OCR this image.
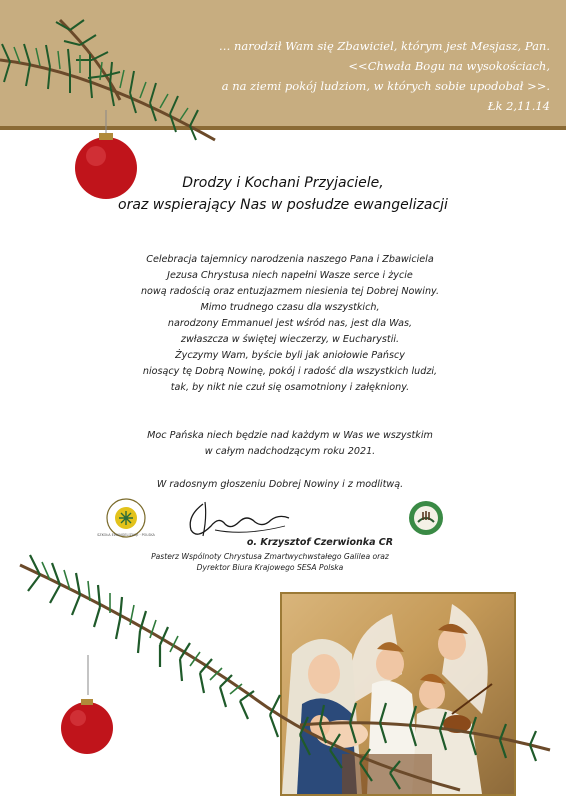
… narodził Wam się Zbawiciel, którym jest Mesjasz, Pan.
<<Chwała Bogu na wysokościach,
a na ziemi pokój ludziom, w których sobie upodobał >>.
Łk 2,11.14
Drodzy i Kochani Przyjaciele,
oraz wspierający Nas w posłudze ewangelizacji
Celebracja tajemnicy narodzenia naszego Pana i Zbawiciela
Jezusa Chrystusa niech napełni Wasze serce i życie
nową radością oraz entuzjazmem niesienia tej Dobrej Nowiny.
Mimo trudnego czasu dla wszystkich,
narodzony Emmanuel jest wśród nas, jest dla Was,
zwłaszcza w świętej wieczerzy, w Eucharystii.
Życzymy Wam, byście byli jak aniołowie Pańscy
niosący tę Dobrą Nowinę, pokój i radość dla wszystkich ludzi,
tak, by nikt nie czuł się osamotniony i załękniony.
Moc Pańska niech będzie nad każdym w Was we wszystkim
w całym nadchodzącym roku 2021.
W radosnym głoszeniu Dobrej Nowiny i z modlitwą.
SZKOŁA EWANGELIZACJI · POLSKA
o. Krzysztof Czerwionka CR
Pasterz Wspólnoty Chrystusa Zmartwychwstałego Galilea oraz
Dyrektor Biura Krajowego SESA Polska
